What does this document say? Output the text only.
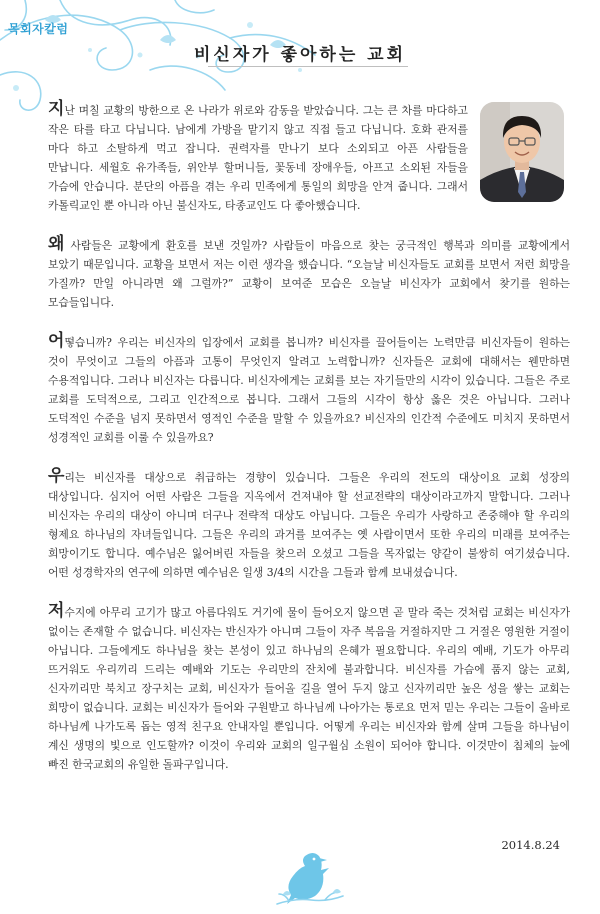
목회자칼럼
비신자가 좋아하는 교회

지난 며칠 교황의 방한으로 온 나라가 위로와 감동을 받았습니다. 그는 큰 차를 마다하고 작은 타를 타고 다닙니다. 남에게 가방을 맡기지 않고 직접 들고 다닙니다. 호화 관저를 마다 하고 소탈하게 먹고 잡니다. 권력자를 만나기 보다 소외되고 아픈 사람들을 만납니다. 세월호 유가족들, 위안부 할머니들, 꽃동네 장애우들, 아프고 소외된 자들을 가슴에 안습니다. 분단의 아픔을 겪는 우리 민족에게 통일의 희망을 안겨 줍니다. 그래서 카톨릭교인 뿐 아니라 아닌 불신자도, 타종교인도 다 좋아했습니다.

왜 사람들은 교황에게 환호를 보낸 것일까? 사람들이 마음으로 찾는 궁극적인 행복과 의미를 교황에게서 보았기 때문입니다. 교황을 보면서 저는 이런 생각을 했습니다. “오늘날 비신자들도 교회를 보면서 저런 희망을 가질까? 만일 아니라면 왜 그럴까?” 교황이 보여준 모습은 오늘날 비신자가 교회에서 찾기를 원하는 모습들입니다.

어떻습니까? 우리는 비신자의 입장에서 교회를 봅니까? 비신자를 끌어들이는 노력만큼 비신자들이 원하는 것이 무엇이고 그들의 아픔과 고통이 무엇인지 알려고 노력합니까? 신자들은 교회에 대해서는 웬만하면 수용적입니다. 그러나 비신자는 다릅니다. 비신자에게는 교회를 보는 자기들만의 시각이 있습니다. 그들은 주로 교회를 도덕적으로, 그리고 인간적으로 봅니다. 그래서 그들의 시각이 항상 옳은 것은 아닙니다. 그러나 도덕적인 수준을 넘지 못하면서 영적인 수준을 말할 수 있을까요? 비신자의 인간적 수준에도 미치지 못하면서 성경적인 교회를 이룰 수 있을까요?

우리는 비신자를 대상으로 취급하는 경향이 있습니다. 그들은 우리의 전도의 대상이요 교회 성장의 대상입니다. 심지어 어떤 사람은 그들을 지옥에서 건져내야 할 선교전략의 대상이라고까지 말합니다. 그러나 비신자는 우리의 대상이 아니며 더구나 전략적 대상도 아닙니다. 그들은 우리가 사랑하고 존중해야 할 우리의 형제요 하나님의 자녀들입니다. 그들은 우리의 과거를 보여주는 옛 사람이면서 또한 우리의 미래를 보여주는 희망이기도 합니다. 예수님은 잃어버린 자들을 찾으러 오셨고 그들을 목자없는 양같이 불쌍히 여기셨습니다. 어떤 성경학자의 연구에 의하면 예수님은 일생 3/4의 시간을 그들과 함께 보내셨습니다.

저수지에 아무리 고기가 많고 아름다워도 거기에 물이 들어오지 않으면 곧 말라 죽는 것처럼 교회는 비신자가 없이는 존재할 수 없습니다. 비신자는 반신자가 아니며 그들이 자주 복음을 거절하지만 그 거절은 영원한 거절이 아닙니다. 그들에게도 하나님을 찾는 본성이 있고 하나님의 은혜가 필요합니다. 우리의 예배, 기도가 아무리 뜨거워도 우리끼리 드리는 예배와 기도는 우리만의 잔치에 불과합니다. 비신자를 가슴에 품지 않는 교회, 신자끼리만 북치고 장구치는 교회, 비신자가 들어올 길을 열어 두지 않고 신자끼리만 높은 성을 쌓는 교회는 희망이 없습니다. 교회는 비신자가 들어와 구원받고 하나님께 나아가는 통로요 먼저 믿는 우리는 그들이 올바로 하나님께 나가도록 돕는 영적 친구요 안내자일 뿐입니다. 어떻게 우리는 비신자와 함께 살며 그들을 하나님이 계신 생명의 빛으로 인도할까? 이것이 우리와 교회의 일구월심 소원이 되어야 합니다. 이것만이 침체의 늪에 빠진 한국교회의 유일한 돌파구입니다.

2014.8.24
